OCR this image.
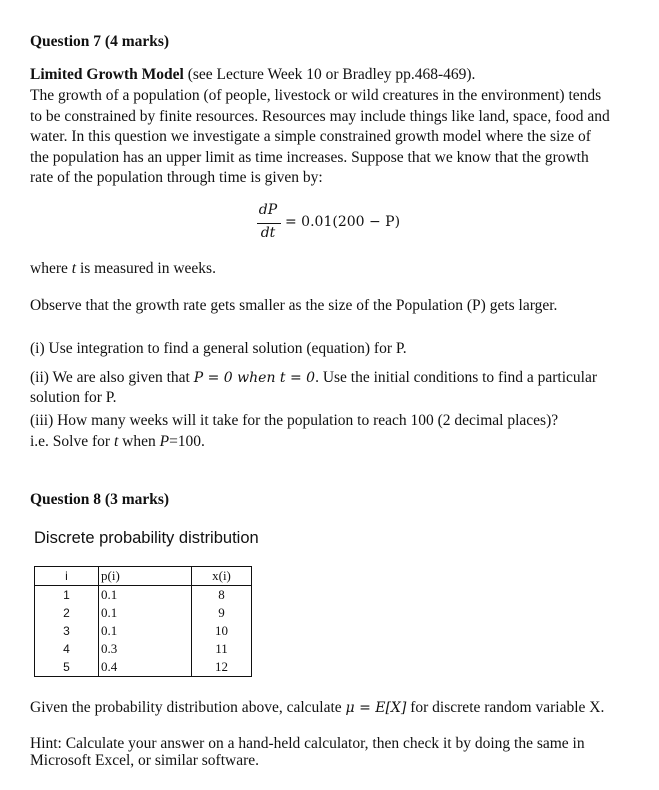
Question 7 (4 marks)
Limited Growth Model (see Lecture Week 10 or Bradley pp.468-469).
The growth of a population (of people, livestock or wild creatures in the environment) tends
to be constrained by finite resources. Resources may include things like land, space, food and
water. In this question we investigate a simple constrained growth model where the size of
the population has an upper limit as time increases. Suppose that we know that the growth
rate of the population through time is given by:
dP
dt
= 0.01(200 − P)
where t is measured in weeks.
Observe that the growth rate gets smaller as the size of the Population (P) gets larger.
(i) Use integration to find a general solution (equation) for P.
(ii) We are also given that P = 0 when t = 0. Use the initial conditions to find a particular
solution for P.
(iii) How many weeks will it take for the population to reach 100 (2 decimal places)?
i.e. Solve for t when P=100.
Question 8 (3 marks)
Discrete probability distribution
i	p(i)	x(i)
1	0.1	8
2	0.1	9
3	0.1	10
4	0.3	11
5	0.4	12
Given the probability distribution above, calculate μ = E[X] for discrete random variable X.
Hint: Calculate your answer on a hand-held calculator, then check it by doing the same in
Microsoft Excel, or similar software.
